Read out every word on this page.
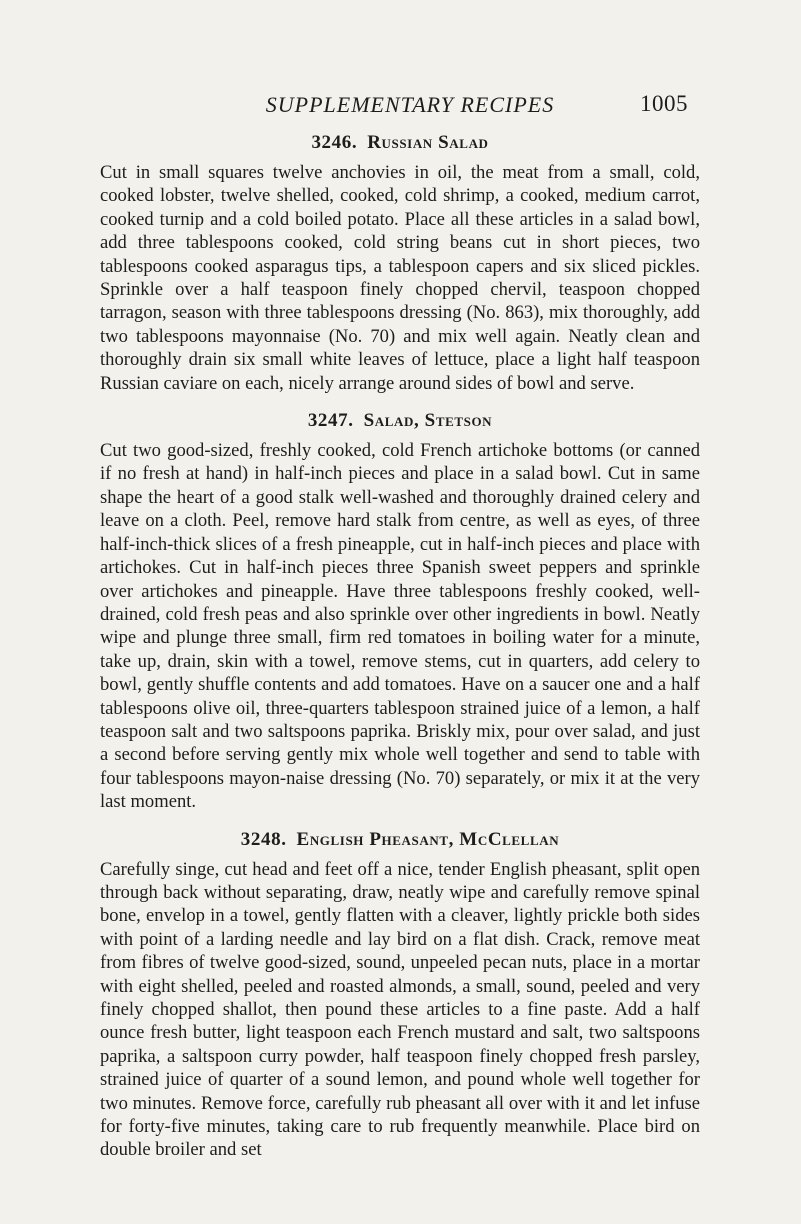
SUPPLEMENTARY RECIPES	1005
3246. Russian Salad

Cut in small squares twelve anchovies in oil, the meat from a small, cold, cooked lobster, twelve shelled, cooked, cold shrimp, a cooked, medium carrot, cooked turnip and a cold boiled potato. Place all these articles in a salad bowl, add three tablespoons cooked, cold string beans cut in short pieces, two tablespoons cooked asparagus tips, a tablespoon capers and six sliced pickles. Sprinkle over a half teaspoon finely chopped chervil, teaspoon chopped tarragon, season with three tablespoons dressing (No. 863), mix thoroughly, add two tablespoons mayonnaise (No. 70) and mix well again. Neatly clean and thoroughly drain six small white leaves of lettuce, place a light half teaspoon Russian caviare on each, nicely arrange around sides of bowl and serve.

3247. Salad, Stetson

Cut two good-sized, freshly cooked, cold French artichoke bottoms (or canned if no fresh at hand) in half-inch pieces and place in a salad bowl. Cut in same shape the heart of a good stalk well-washed and thoroughly drained celery and leave on a cloth. Peel, remove hard stalk from centre, as well as eyes, of three half-inch-thick slices of a fresh pineapple, cut in half-inch pieces and place with artichokes. Cut in half-inch pieces three Spanish sweet peppers and sprinkle over artichokes and pineapple. Have three tablespoons freshly cooked, well-drained, cold fresh peas and also sprinkle over other ingredients in bowl. Neatly wipe and plunge three small, firm red tomatoes in boiling water for a minute, take up, drain, skin with a towel, remove stems, cut in quarters, add celery to bowl, gently shuffle contents and add tomatoes. Have on a saucer one and a half tablespoons olive oil, three-quarters tablespoon strained juice of a lemon, a half teaspoon salt and two saltspoons paprika. Briskly mix, pour over salad, and just a second before serving gently mix whole well together and send to table with four tablespoons mayon-naise dressing (No. 70) separately, or mix it at the very last moment.

3248. English Pheasant, McClellan

Carefully singe, cut head and feet off a nice, tender English pheasant, split open through back without separating, draw, neatly wipe and carefully remove spinal bone, envelop in a towel, gently flatten with a cleaver, lightly prickle both sides with point of a larding needle and lay bird on a flat dish. Crack, remove meat from fibres of twelve good-sized, sound, unpeeled pecan nuts, place in a mortar with eight shelled, peeled and roasted almonds, a small, sound, peeled and very finely chopped shallot, then pound these articles to a fine paste. Add a half ounce fresh butter, light teaspoon each French mustard and salt, two saltspoons paprika, a saltspoon curry powder, half teaspoon finely chopped fresh parsley, strained juice of quarter of a sound lemon, and pound whole well together for two minutes. Remove force, carefully rub pheasant all over with it and let infuse for forty-five minutes, taking care to rub frequently meanwhile. Place bird on double broiler and set
